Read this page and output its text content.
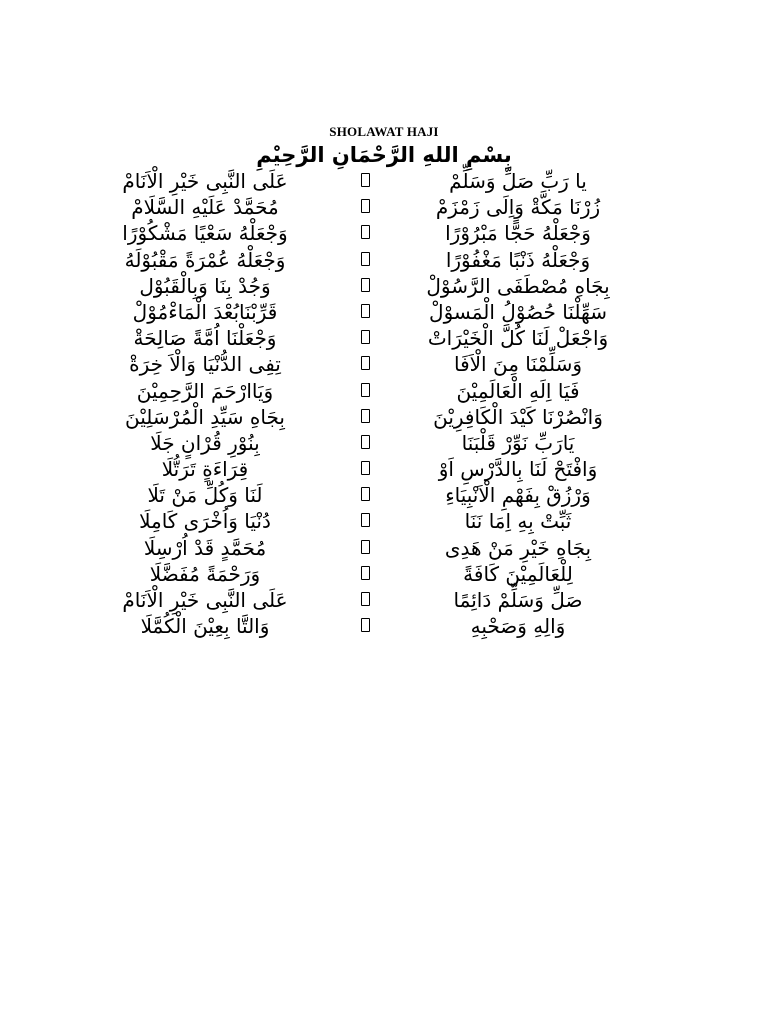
SHOLAWAT HAJI
بِسْمِ اللهِ الرَّحْمَانِ الرَّحِيْمِ
عَلَى النَّبِى خَيْرِ الْاَنَامْ	يا رَبِّ صَلِّ وَسَلِّمْ
مُحَمَّدْ عَلَيْهِ السَّلَامْ	زُرْنَا مَكَّةْ وَاِلَى زَمْزَمْ
وَجْعَلْهُ سَعْيًا مَشْكُوْرًا	وَجْعَلْهُ حَجًّا مَبْرُوْرًا
وَجْعَلْهُ عُمْرَةً مَقْبُوْلَهُ	وَجْعَلْهُ ذَنْبًا مَغْفُوْرًا
وَجُدْ بِنَا وَبِالْقَبُوْل	بِجَاهِ مُصْطَفَى الرَّسُوْلْ
قَرِّبْنَابُعْدَ الْمَاءْمُوْلْ	سَهِّلْنَا حُصُوْلُ الْمَسوْلْ
وَجْعَلْنَا اُمَّةً صَالِحَةْ	وَاجْعَلْ لَنَا كُلَّ الْخَيْرَاتْ
تِفِى الدُّنْيَا وَالْاَ خِرَةْ	وَسَلِّمْنَا مِنَ الْاَفَا
وَيَاارْحَمَ الرَّحِمِيْنَ	فَيَا اِلَهِ الْعَالَمِيْنَ
بِجَاهِ سَيِّدِ الْمُرْسَلِيْنَ	وَانْصُرْنَا كَيْدَ الْكَافِرِيْنَ
بِنُوْرِ قُرْانٍ جَلَا	يَارَبِّ نَوِّرْ قَلْبَنَا
قِرَاءَةٍ تَرَتُّلَا	وَافْتَحْ لَنَا بِالدَّرْسِ اَوْ
لَنَا وَكُلِّ مَنْ تَلَا	وَرْزُقْ بِفَهْمِ الْاَنْبِيَاءِ
دُنْيَا وَاُخْرَى كَامِلَا	ثَبِّتْ بِهِ اِمَا نَنَا
مُحَمَّدٍ قَدْ اُرْسِلَا	بِجَاهِ خَيْرِ مَنْ هَدِى
وَرَحْمَةً مُفَضَّلَا	لِلْعَالَمِيْنَ كَافَةً
عَلَى النَّبِى خَيْرِ الْاَنَامْ	صَلِّ وَسَلِّمْ دَائِمًا
وَالتَّا بِعِيْنَ الْكُمَّلَا	وَالِهِ وَصَحْبِهِ
